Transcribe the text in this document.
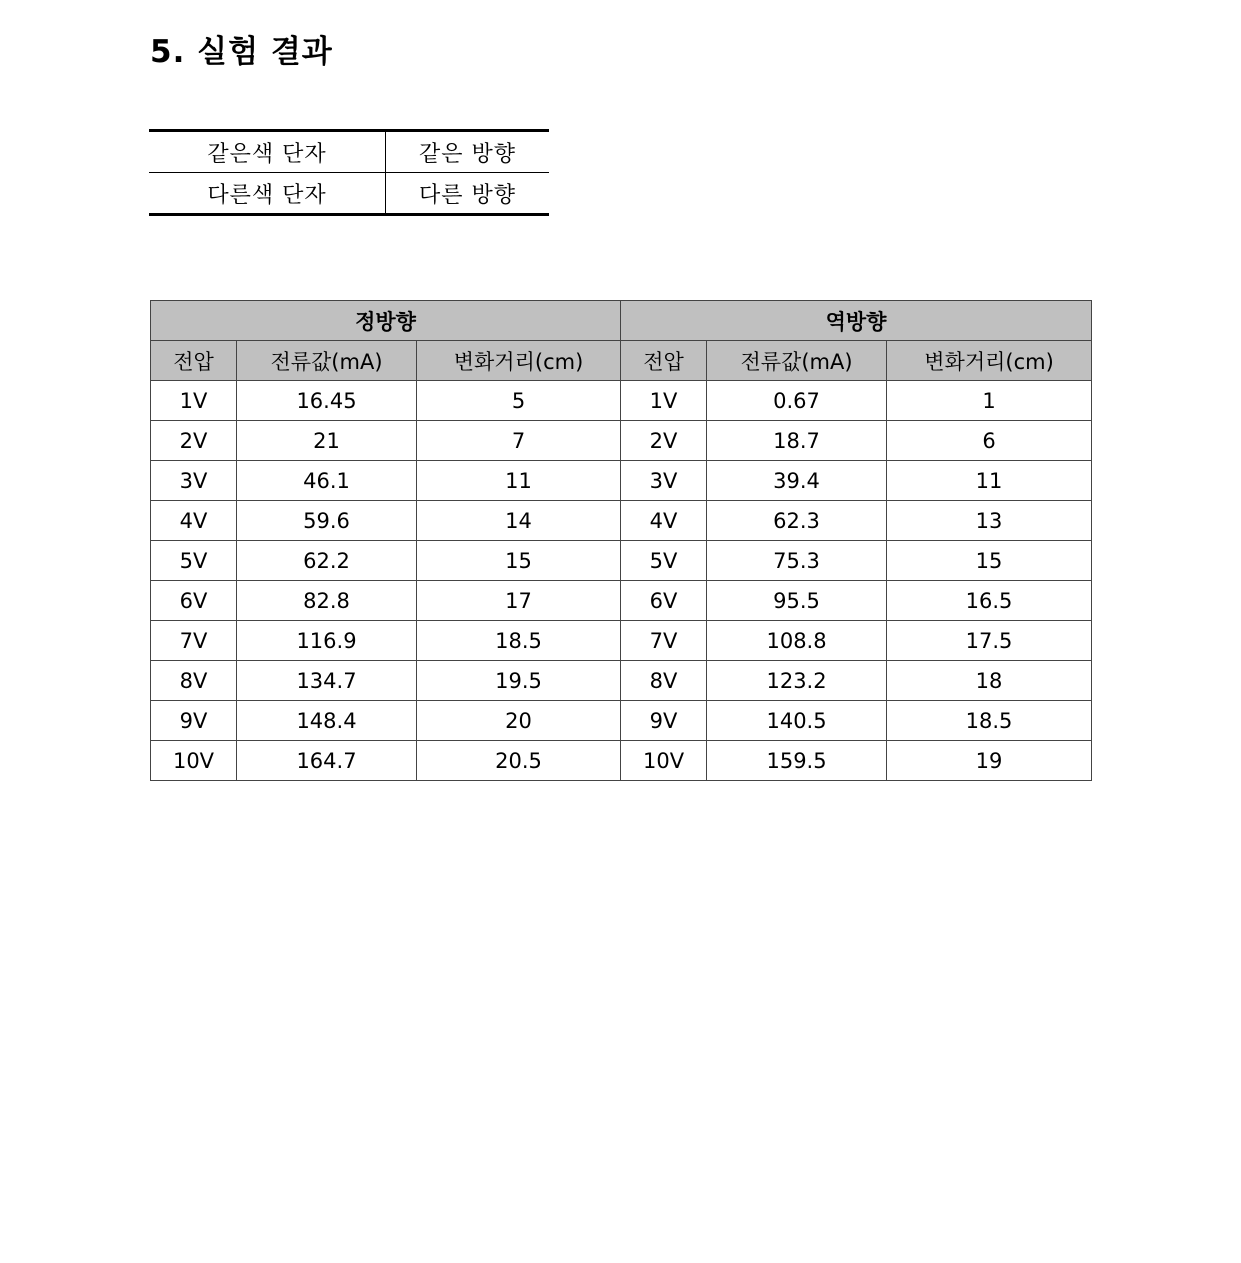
5. 실험 결과
같은색 단자	같은 방향
다른색 단자	다른 방향
정방향			역방향		
전압	전류값(mA)	변화거리(cm)	전압	전류값(mA)	변화거리(cm)
1V	16.45	5	1V	0.67	1
2V	21	7	2V	18.7	6
3V	46.1	11	3V	39.4	11
4V	59.6	14	4V	62.3	13
5V	62.2	15	5V	75.3	15
6V	82.8	17	6V	95.5	16.5
7V	116.9	18.5	7V	108.8	17.5
8V	134.7	19.5	8V	123.2	18
9V	148.4	20	9V	140.5	18.5
10V	164.7	20.5	10V	159.5	19
